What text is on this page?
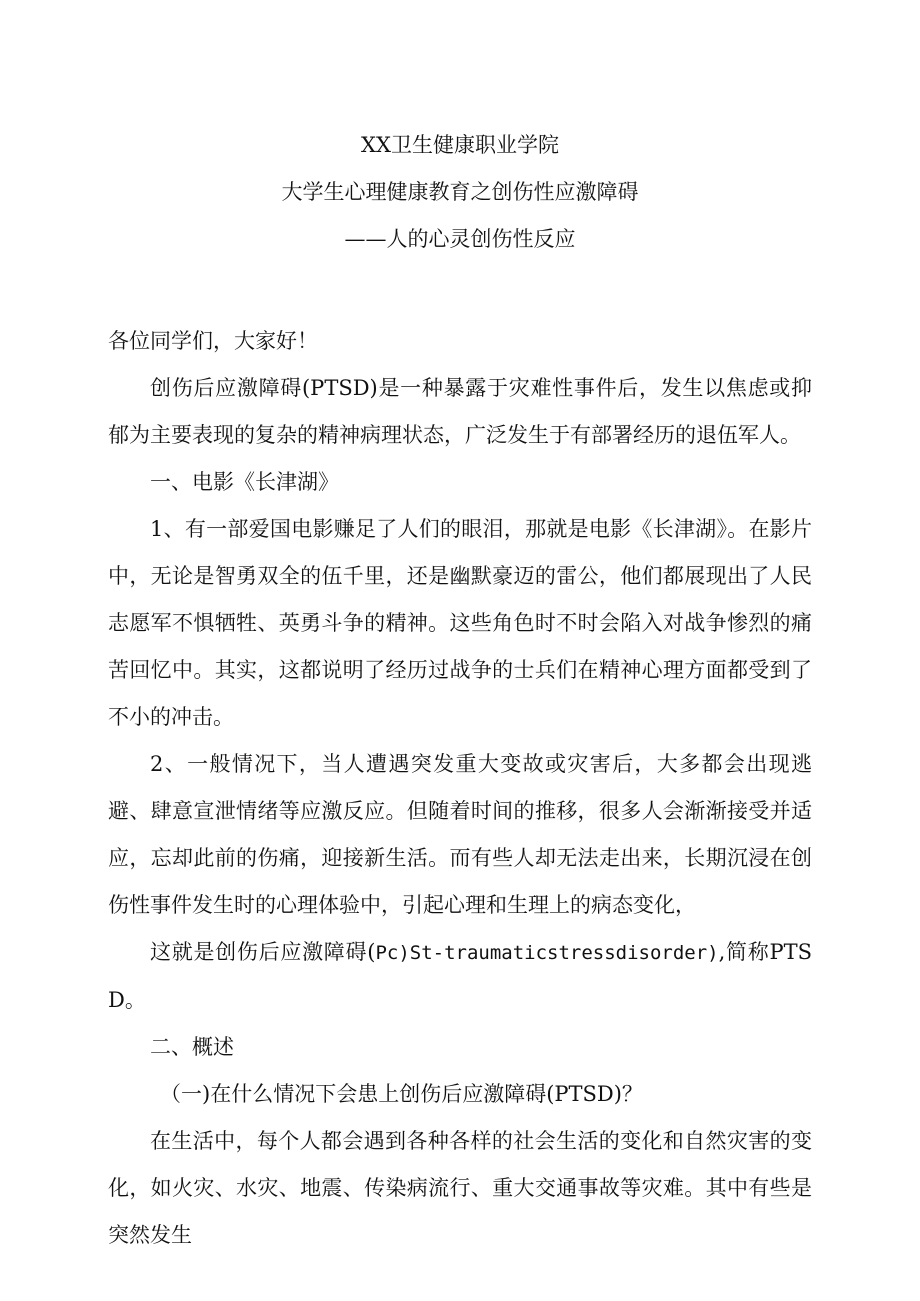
XX卫生健康职业学院
大学生心理健康教育之创伤性应激障碍
——人的心灵创伤性反应

各位同学们，大家好！

创伤后应激障碍(PTSD)是一种暴露于灾难性事件后，发生以焦虑或抑郁为主要表现的复杂的精神病理状态，广泛发生于有部署经历的退伍军人。

一、电影《长津湖》

1、有一部爱国电影赚足了人们的眼泪，那就是电影《长津湖》。在影片中，无论是智勇双全的伍千里，还是幽默豪迈的雷公，他们都展现出了人民志愿军不惧牺牲、英勇斗争的精神。这些角色时不时会陷入对战争惨烈的痛苦回忆中。其实，这都说明了经历过战争的士兵们在精神心理方面都受到了不小的冲击。

2、一般情况下，当人遭遇突发重大变故或灾害后，大多都会出现逃避、肆意宣泄情绪等应激反应。但随着时间的推移，很多人会渐渐接受并适应，忘却此前的伤痛，迎接新生活。而有些人却无法走出来，长期沉浸在创伤性事件发生时的心理体验中，引起心理和生理上的病态变化，

这就是创伤后应激障碍(Pc)St-traumaticstressdisorder),简称PTSD。

二、概述

（一)在什么情况下会患上创伤后应激障碍(PTSD)？

在生活中，每个人都会遇到各种各样的社会生活的变化和自然灾害的变化，如火灾、水灾、地震、传染病流行、重大交通事故等灾难。其中有些是突然发生
